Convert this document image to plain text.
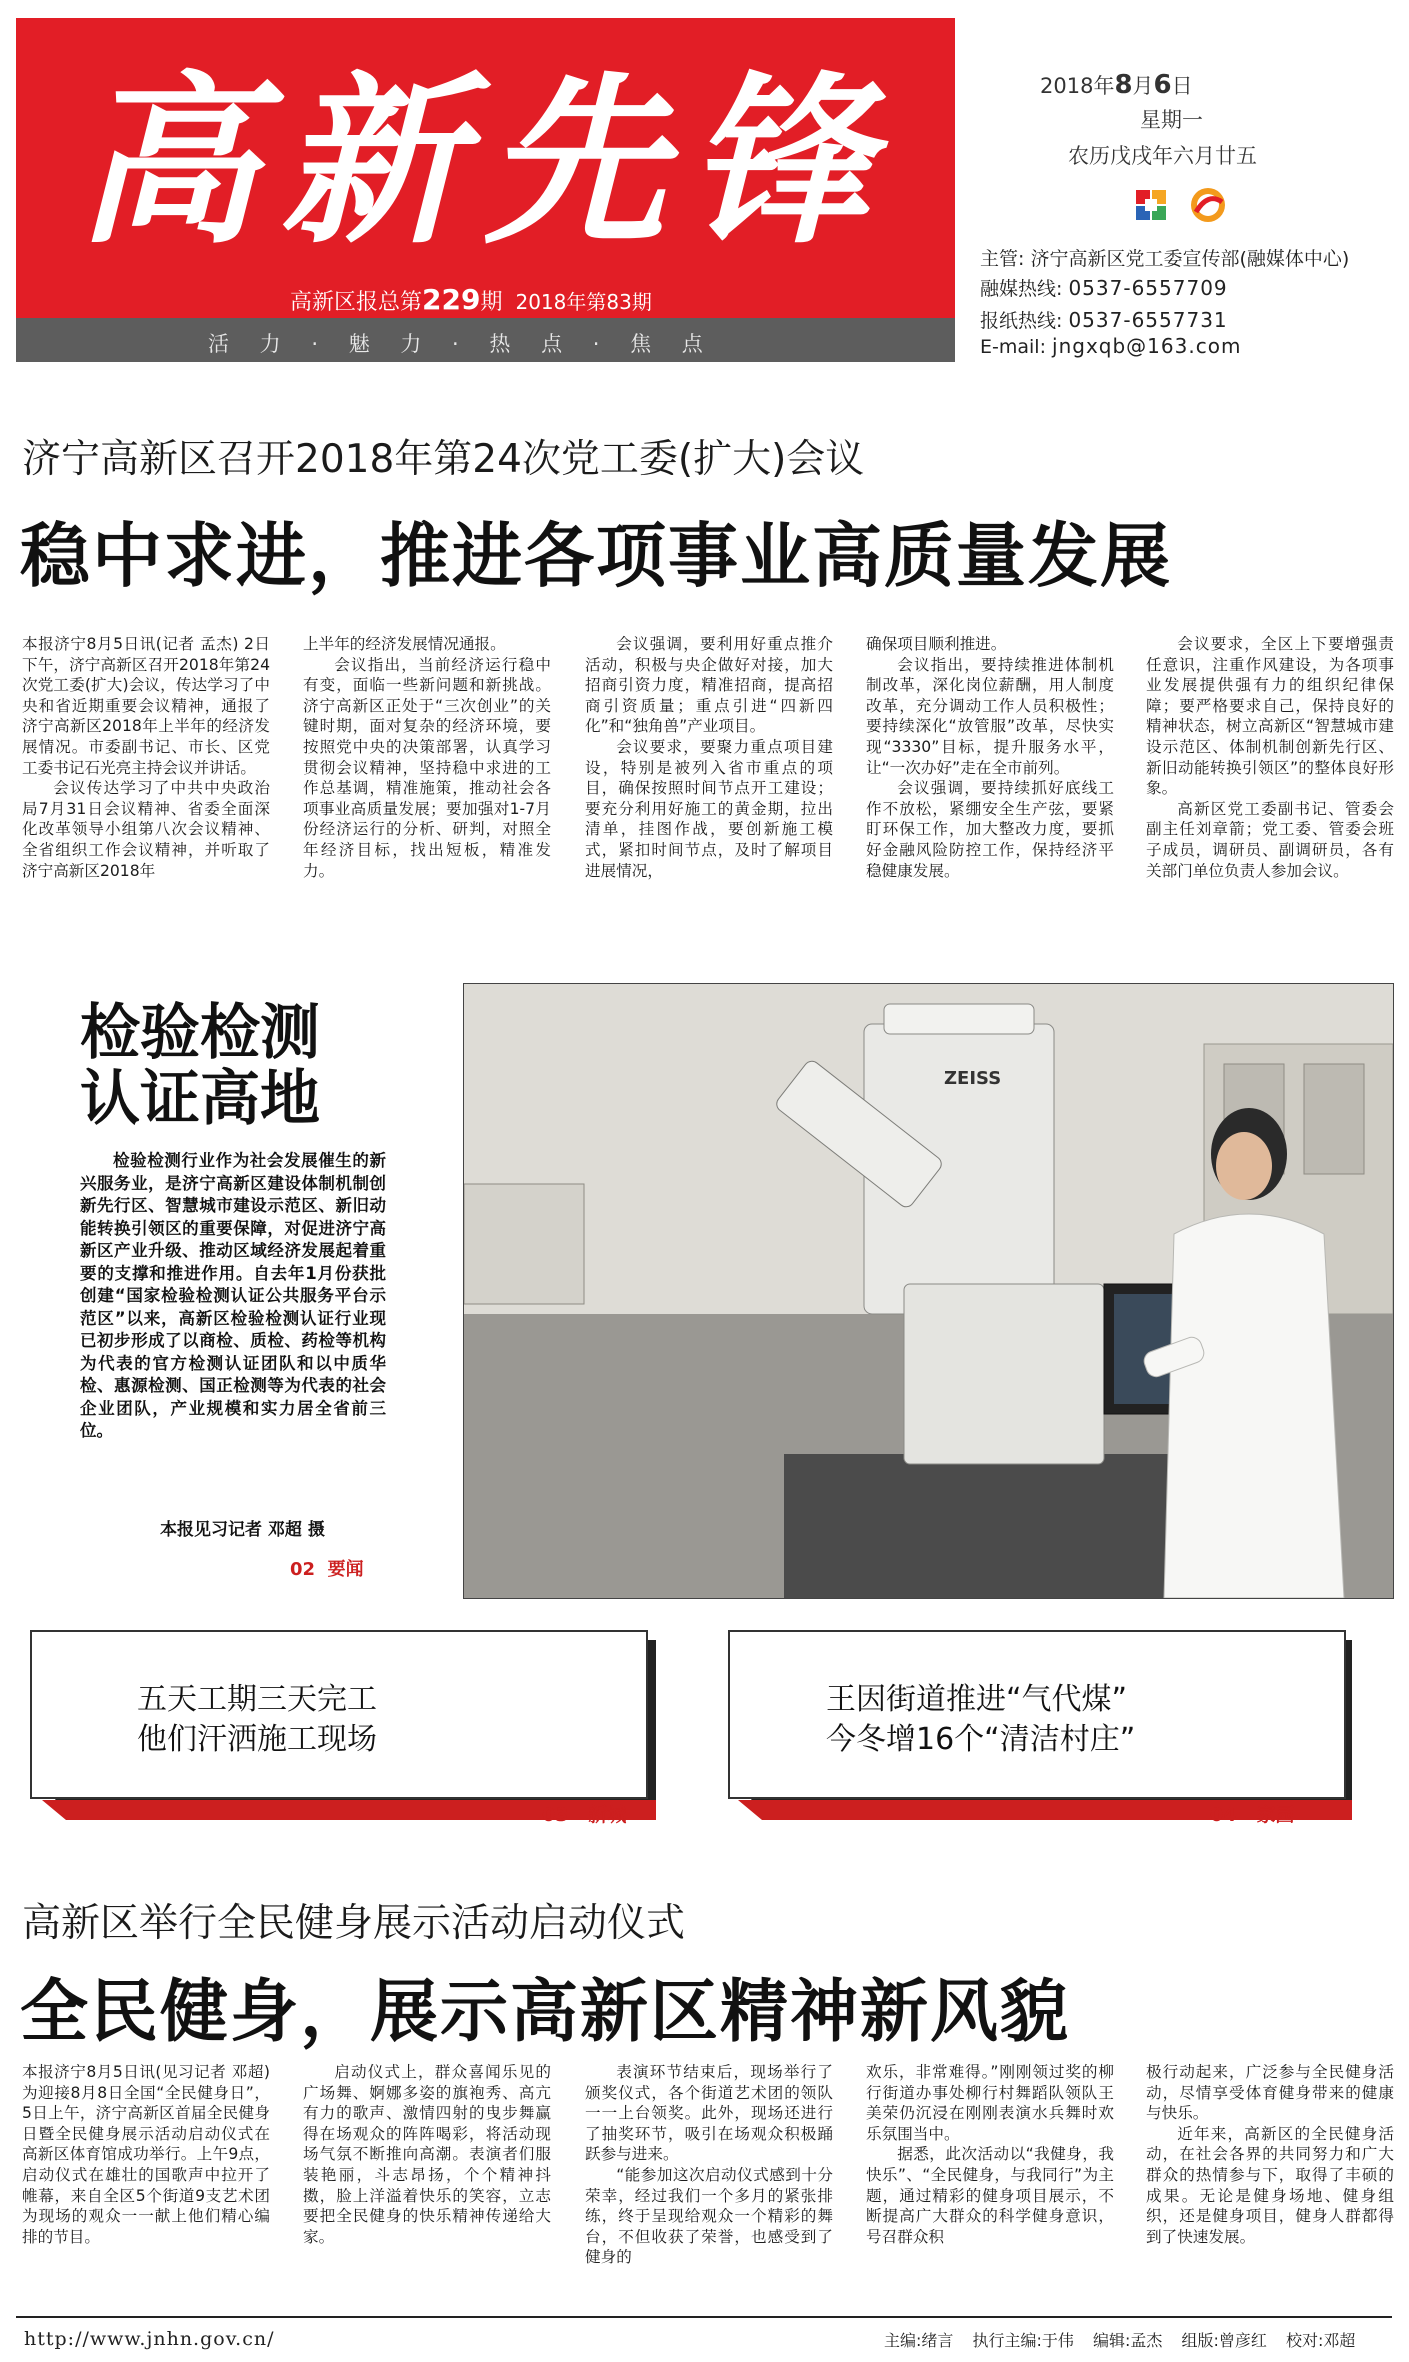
高新先锋
高新区报总第229期 2018年第83期
活 力 · 魅 力 · 热 点 · 焦 点
2018年8月6日
星期一
农历戊戌年六月廿五
主管: 济宁高新区党工委宣传部(融媒体中心)
融媒热线: 0537-6557709
报纸热线: 0537-6557731
E-mail: jngxqb@163.com
济宁高新区召开2018年第24次党工委(扩大)会议
稳中求进，推进各项事业高质量发展

本报济宁8月5日讯(记者 孟杰) 2日下午，济宁高新区召开2018年第24次党工委(扩大)会议，传达学习了中央和省近期重要会议精神，通报了济宁高新区2018年上半年的经济发展情况。市委副书记、市长、区党工委书记石光亮主持会议并讲话。

会议传达学习了中共中央政治局7月31日会议精神、省委全面深化改革领导小组第八次会议精神、全省组织工作会议精神，并听取了济宁高新区2018年

上半年的经济发展情况通报。

会议指出，当前经济运行稳中有变，面临一些新问题和新挑战。济宁高新区正处于“三次创业”的关键时期，面对复杂的经济环境，要按照党中央的决策部署，认真学习贯彻会议精神，坚持稳中求进的工作总基调，精准施策，推动社会各项事业高质量发展；要加强对1-7月份经济运行的分析、研判，对照全年经济目标，找出短板，精准发力。

会议强调，要利用好重点推介活动，积极与央企做好对接，加大招商引资力度，精准招商，提高招商引资质量；重点引进“四新四化”和“独角兽”产业项目。

会议要求，要聚力重点项目建设，特别是被列入省市重点的项目，确保按照时间节点开工建设；要充分利用好施工的黄金期，拉出清单，挂图作战，要创新施工模式，紧扣时间节点，及时了解项目进展情况，

确保项目顺利推进。

会议指出，要持续推进体制机制改革，深化岗位薪酬，用人制度改革，充分调动工作人员积极性；要持续深化“放管服”改革，尽快实现“3330”目标，提升服务水平，让“一次办好”走在全市前列。

会议强调，要持续抓好底线工作不放松，紧绷安全生产弦，要紧盯环保工作，加大整改力度，要抓好金融风险防控工作，保持经济平稳健康发展。

会议要求，全区上下要增强责任意识，注重作风建设，为各项事业发展提供强有力的组织纪律保障；要严格要求自己，保持良好的精神状态，树立高新区“智慧城市建设示范区、体制机制创新先行区、新旧动能转换引领区”的整体良好形象。

高新区党工委副书记、管委会副主任刘章箭；党工委、管委会班子成员，调研员、副调研员，各有关部门单位负责人参加会议。

检验检测
认证高地

检验检测行业作为社会发展催生的新兴服务业，是济宁高新区建设体制机制创新先行区、智慧城市建设示范区、新旧动能转换引领区的重要保障，对促进济宁高新区产业升级、推动区域经济发展起着重要的支撑和推进作用。自去年1月份获批创建“国家检验检测认证公共服务平台示范区”以来，高新区检验检测认证行业现已初步形成了以商检、质检、药检等机构为代表的官方检测认证团队和以中质华检、惠源检测、国正检测等为代表的社会企业团队，产业规模和实力居全省前三位。

本报见习记者 邓超 摄
02 要闻
ZEISS
五天工期三天完工
他们汗洒施工现场
03 新城
王因街道推进“气代煤”
今冬增16个“清洁村庄”
04 家园
高新区举行全民健身展示活动启动仪式
全民健身，展示高新区精神新风貌

本报济宁8月5日讯(见习记者 邓超) 为迎接8月8日全国“全民健身日”，5日上午，济宁高新区首届全民健身日暨全民健身展示活动启动仪式在高新区体育馆成功举行。上午9点，启动仪式在雄壮的国歌声中拉开了帷幕，来自全区5个街道9支艺术团为现场的观众一一献上他们精心编排的节目。

启动仪式上，群众喜闻乐见的广场舞、婀娜多姿的旗袍秀、高亢有力的歌声、激情四射的曳步舞赢得在场观众的阵阵喝彩，将活动现场气氛不断推向高潮。表演者们服装艳丽，斗志昂扬，个个精神抖擞，脸上洋溢着快乐的笑容，立志要把全民健身的快乐精神传递给大家。

表演环节结束后，现场举行了颁奖仪式，各个街道艺术团的领队一一上台领奖。此外，现场还进行了抽奖环节，吸引在场观众积极踊跃参与进来。

“能参加这次启动仪式感到十分荣幸，经过我们一个多月的紧张排练，终于呈现给观众一个精彩的舞台，不但收获了荣誉，也感受到了健身的

欢乐，非常难得。”刚刚领过奖的柳行街道办事处柳行村舞蹈队领队王美荣仍沉浸在刚刚表演水兵舞时欢乐氛围当中。

据悉，此次活动以“我健身，我快乐”、“全民健身，与我同行”为主题，通过精彩的健身项目展示，不断提高广大群众的科学健身意识，号召群众积

极行动起来，广泛参与全民健身活动，尽情享受体育健身带来的健康与快乐。

近年来，高新区的全民健身活动，在社会各界的共同努力和广大群众的热情参与下，取得了丰硕的成果。无论是健身场地、健身组织，还是健身项目，健身人群都得到了快速发展。

http://www.jnhn.gov.cn/	主编:绪言 执行主编:于伟 编辑:孟杰 组版:曾彦红 校对:邓超
